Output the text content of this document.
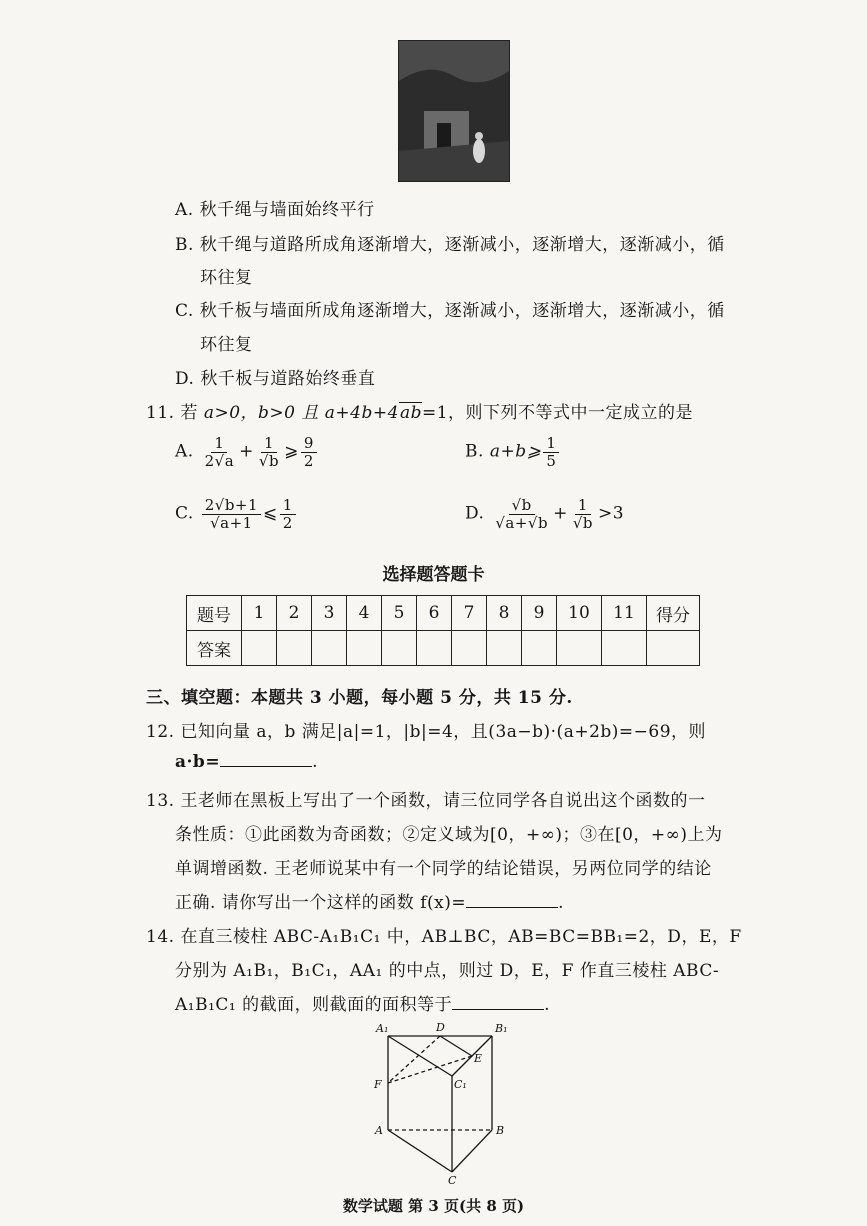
A. 秋千绳与墙面始终平行
B. 秋千绳与道路所成角逐渐增大，逐渐减小，逐渐增大，逐渐减小，循
环往复
C. 秋千板与墙面所成角逐渐增大，逐渐减小，逐渐增大，逐渐减小，循
环往复
D. 秋千板与道路始终垂直
11. 若 a>0，b>0 且 a+4b+4ab=1，则下列不等式中一定成立的是
A. $\frac{1}{2√a} + \frac{1}{√b}$ ⩾ $\frac{9}{2}$	B. a+b⩾ $\frac{1}{5}$
C. $\frac{2√b+1}{√a+1}$ ⩽ $\frac{1}{2}$	D. $\frac{√b}{√a+√b} + \frac{1}{√b} >3$
选择题答题卡
题号	1	2	3	4	5	6	7	8	9	10	11	得分
答案												
三、填空题：本题共 3 小题，每小题 5 分，共 15 分.
12. 已知向量 a，b 满足|a|=1，|b|=4，且(3a−b)·(a+2b)=−69，则
a·b=	.
13. 王老师在黑板上写出了一个函数，请三位同学各自说出这个函数的一
条性质：①此函数为奇函数；②定义域为[0，+∞)；③在[0，+∞)上为
单调增函数. 王老师说某中有一个同学的结论错误，另两位同学的结论
正确. 请你写出一个这样的函数 f(x)=	.
14. 在直三棱柱 ABC-A₁B₁C₁ 中，AB⊥BC，AB=BC=BB₁=2，D，E，F
分别为 A₁B₁，B₁C₁，AA₁ 的中点，则过 D，E，F 作直三棱柱 ABC-
A₁B₁C₁ 的截面，则截面的面积等于	.
A₁	D	B₁
E
F	C₁
A	B
C
数学试题 第 3 页(共 8 页)
